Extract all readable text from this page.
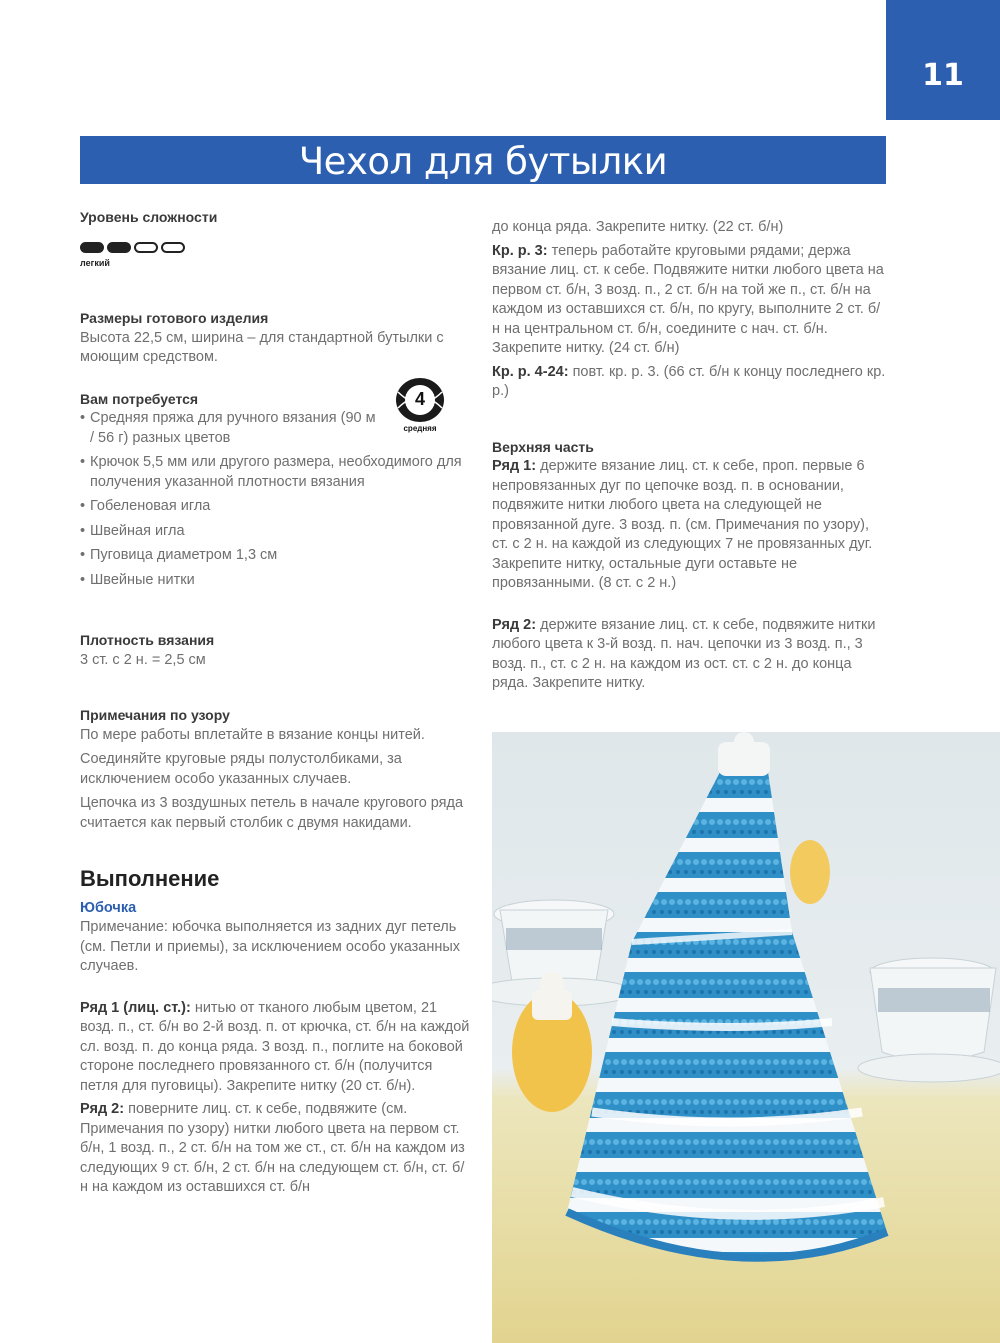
11
Чехол для бутылки
Уровень сложности
легкий
Размеры готового изделия

Высота 22,5 см, ширина – для стандартной бутылки с моющим средством.

Вам потребуется
• Средняя пряжа для ручного вязания (90 м / 56 г) разных цветов
• Крючок 5,5 мм или другого размера, необходимого для получения указанной плотности вязания
• Гобеленовая игла
• Швейная игла
• Пуговица диаметром 1,3 см
• Швейные нитки
Плотность вязания

3 ст. с 2 н. = 2,5 см

Примечания по узору

По мере работы вплетайте в вязание концы нитей.

Соединяйте круговые ряды полустолбиками, за исключением особо указанных случаев.

Цепочка из 3 воздушных петель в начале кругового ряда считается как первый столбик с двумя накидами.

Выполнение
Юбочка

Примечание: юбочка выполняется из задних дуг петель (см. Петли и приемы), за исключением особо указанных случаев.

Ряд 1 (лиц. ст.): нитью от тканого любым цветом, 21 возд. п., ст. б/н во 2-й возд. п. от крючка, ст. б/н на каждой сл. возд. п. до конца ряда. 3 возд. п., поглите на боковой стороне последнего провязанного ст. б/н (получится петля для пуговицы). Закрепите нитку (20 ст. б/н).

Ряд 2: поверните лиц. ст. к себе, подвяжите (см. Примечания по узору) нитки любого цвета на первом ст. б/н, 1 возд. п., 2 ст. б/н на том же ст., ст. б/н на каждом из следующих 9 ст. б/н, 2 ст. б/н на следующем ст. б/н, ст. б/н на каждом из оставшихся ст. б/н

4
средняя

до конца ряда. Закрепите нитку. (22 ст. б/н)

Кр. р. 3: теперь работайте круговыми рядами; держа вязание лиц. ст. к себе. Подвяжите нитки любого цвета на первом ст. б/н, 3 возд. п., 2 ст. б/н на той же п., ст. б/н на каждом из оставшихся ст. б/н, по кругу, выполните 2 ст. б/н на центральном ст. б/н, соедините с нач. ст. б/н. Закрепите нитку. (24 ст. б/н)

Кр. р. 4-24: повт. кр. р. 3. (66 ст. б/н к концу последнего кр. р.)

Верхняя часть

Ряд 1: держите вязание лиц. ст. к себе, проп. первые 6 непровязанных дуг по цепочке возд. п. в основании, подвяжите нитки любого цвета на следующей не провязанной дуге. 3 возд. п. (см. Примечания по узору), ст. с 2 н. на каждой из следующих 7 не провязанных дуг. Закрепите нитку, остальные дуги оставьте не провязанными. (8 ст. с 2 н.)

Ряд 2: держите вязание лиц. ст. к себе, подвяжите нитки любого цвета к 3-й возд. п. нач. цепочки из 3 возд. п., 3 возд. п., ст. с 2 н. на каждом из ост. ст. с 2 н. до конца ряда. Закрепите нитку.
